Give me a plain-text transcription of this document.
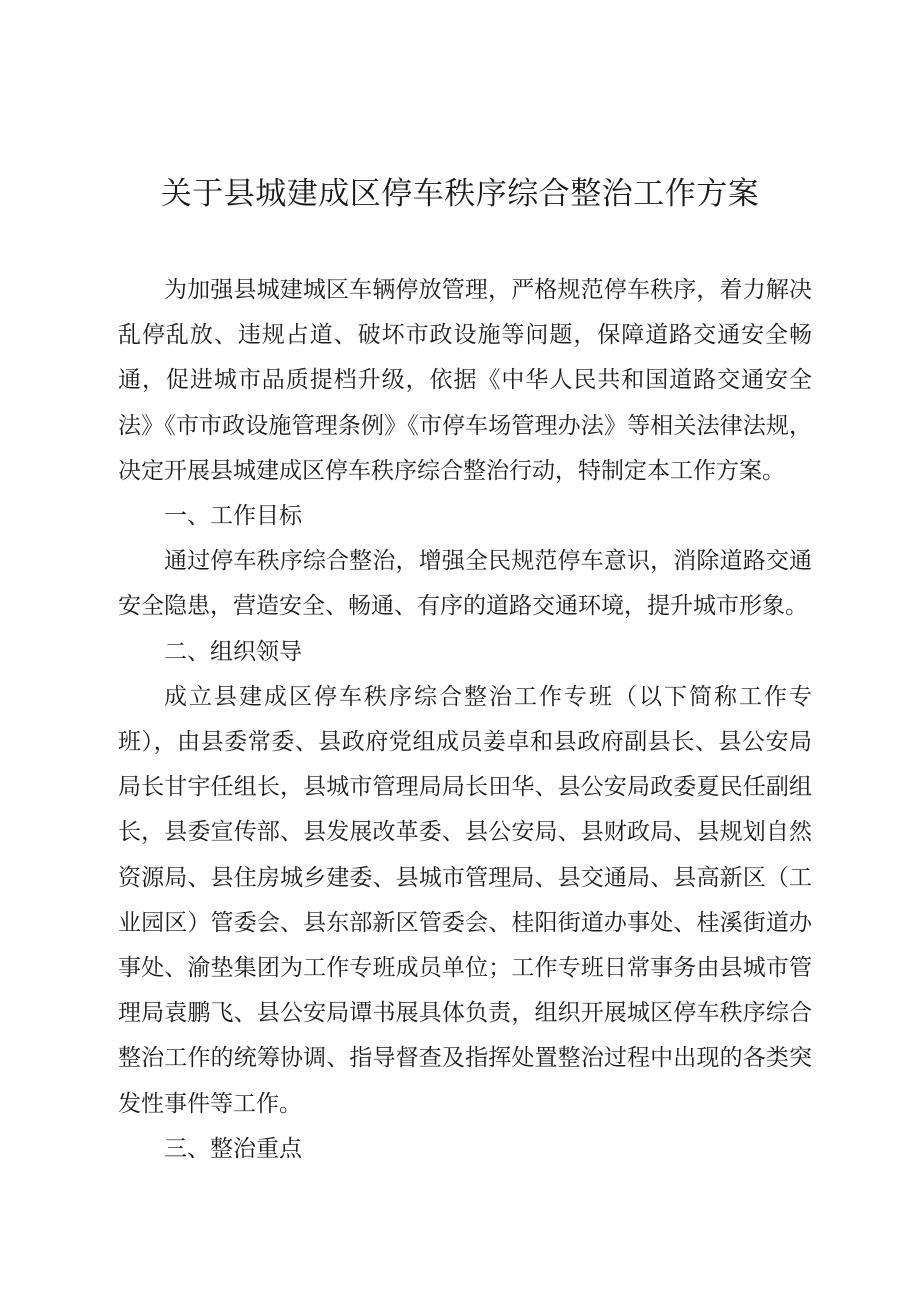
关于县城建成区停车秩序综合整治工作方案

为加强县城建城区车辆停放管理，严格规范停车秩序，着力解决乱停乱放、违规占道、破坏市政设施等问题，保障道路交通安全畅通，促进城市品质提档升级，依据《中华人民共和国道路交通安全法》《市市政设施管理条例》《市停车场管理办法》等相关法律法规，决定开展县城建成区停车秩序综合整治行动，特制定本工作方案。

一、工作目标

通过停车秩序综合整治，增强全民规范停车意识，消除道路交通安全隐患，营造安全、畅通、有序的道路交通环境，提升城市形象。

二、组织领导

成立县建成区停车秩序综合整治工作专班（以下简称工作专班），由县委常委、县政府党组成员姜卓和县政府副县长、县公安局局长甘宇任组长，县城市管理局局长田华、县公安局政委夏民任副组长，县委宣传部、县发展改革委、县公安局、县财政局、县规划自然资源局、县住房城乡建委、县城市管理局、县交通局、县高新区（工业园区）管委会、县东部新区管委会、桂阳街道办事处、桂溪街道办事处、渝垫集团为工作专班成员单位；工作专班日常事务由县城市管理局袁鹏飞、县公安局谭书展具体负责，组织开展城区停车秩序综合整治工作的统筹协调、指导督查及指挥处置整治过程中出现的各类突发性事件等工作。

三、整治重点
